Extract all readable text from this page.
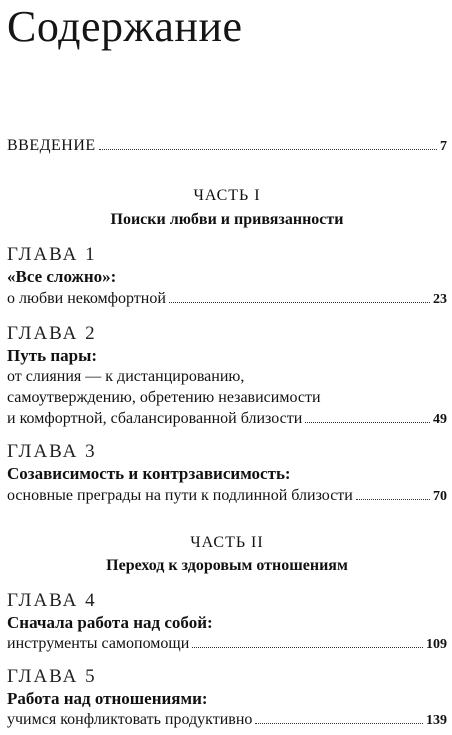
Содержание
ВВЕДЕНИЕ	7
ЧАСТЬ I
Поиски любви и привязанности
ГЛАВА 1
«Все сложно»:
о любви некомфортной	23
ГЛАВА 2
Путь пары:
от слияния — к дистанцированию,
самоутверждению, обретению независимости
и комфортной, сбалансированной близости	49
ГЛАВА 3
Созависимость и контрзависимость:
основные преграды на пути к подлинной близости	70
ЧАСТЬ II
Переход к здоровым отношениям
ГЛАВА 4
Сначала работа над собой:
инструменты самопомощи	109
ГЛАВА 5
Работа над отношениями:
учимся конфликтовать продуктивно	139
